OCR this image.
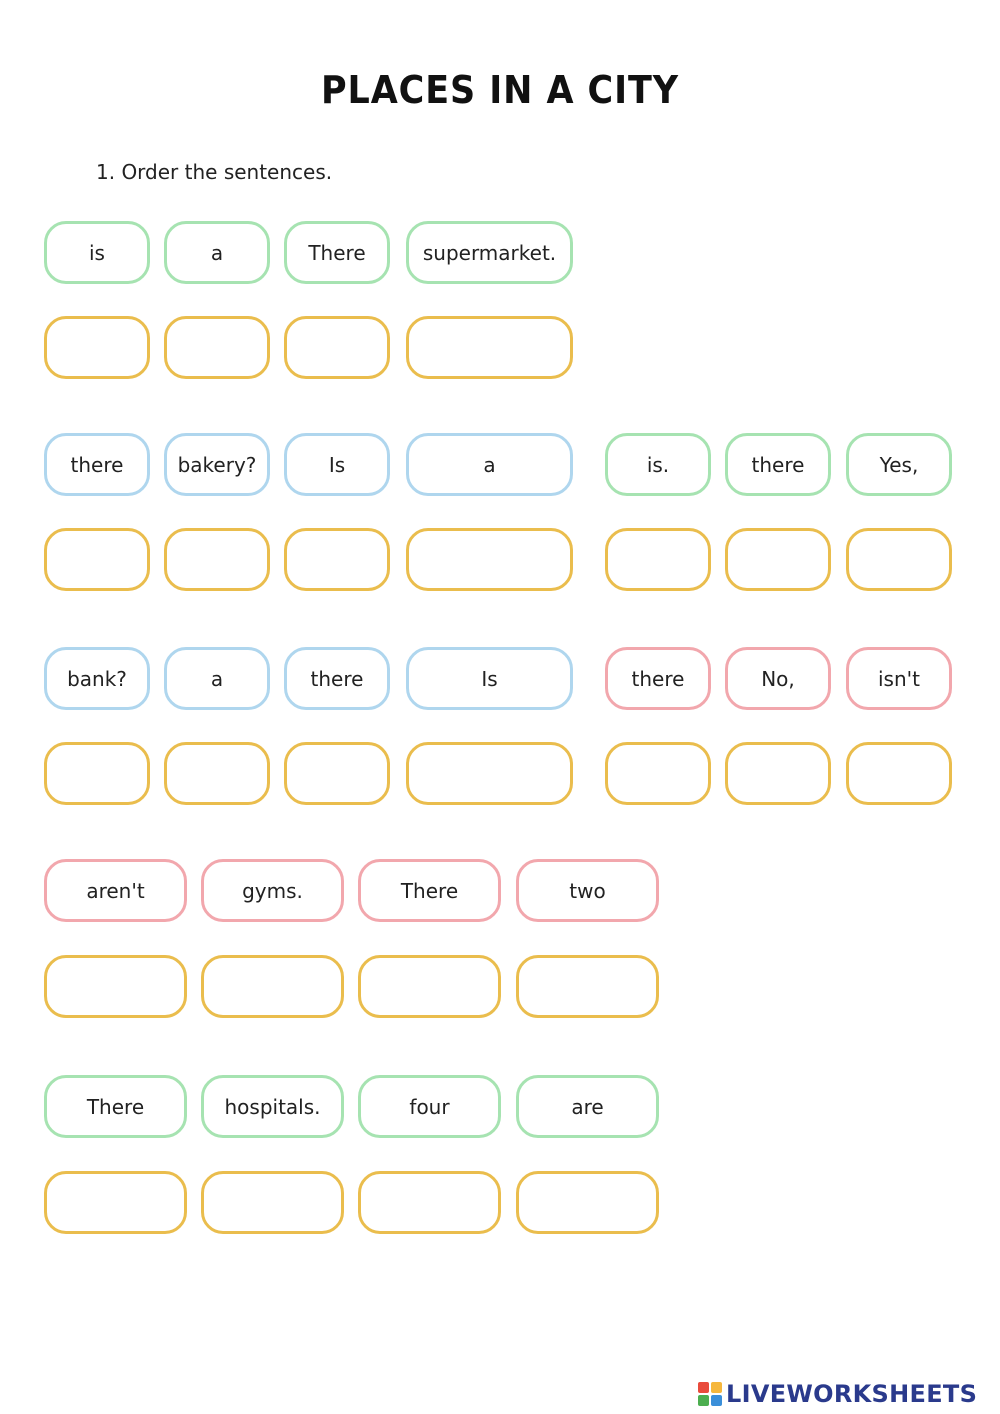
PLACES IN A CITY
1. Order the sentences.
is	a	There	supermarket.
there	bakery?	Is	a	is.	there	Yes,
bank?	a	there	Is	there	No,	isn't
aren't	gyms.	There	two
There	hospitals.	four	are
LIVEWORKSHEETS
